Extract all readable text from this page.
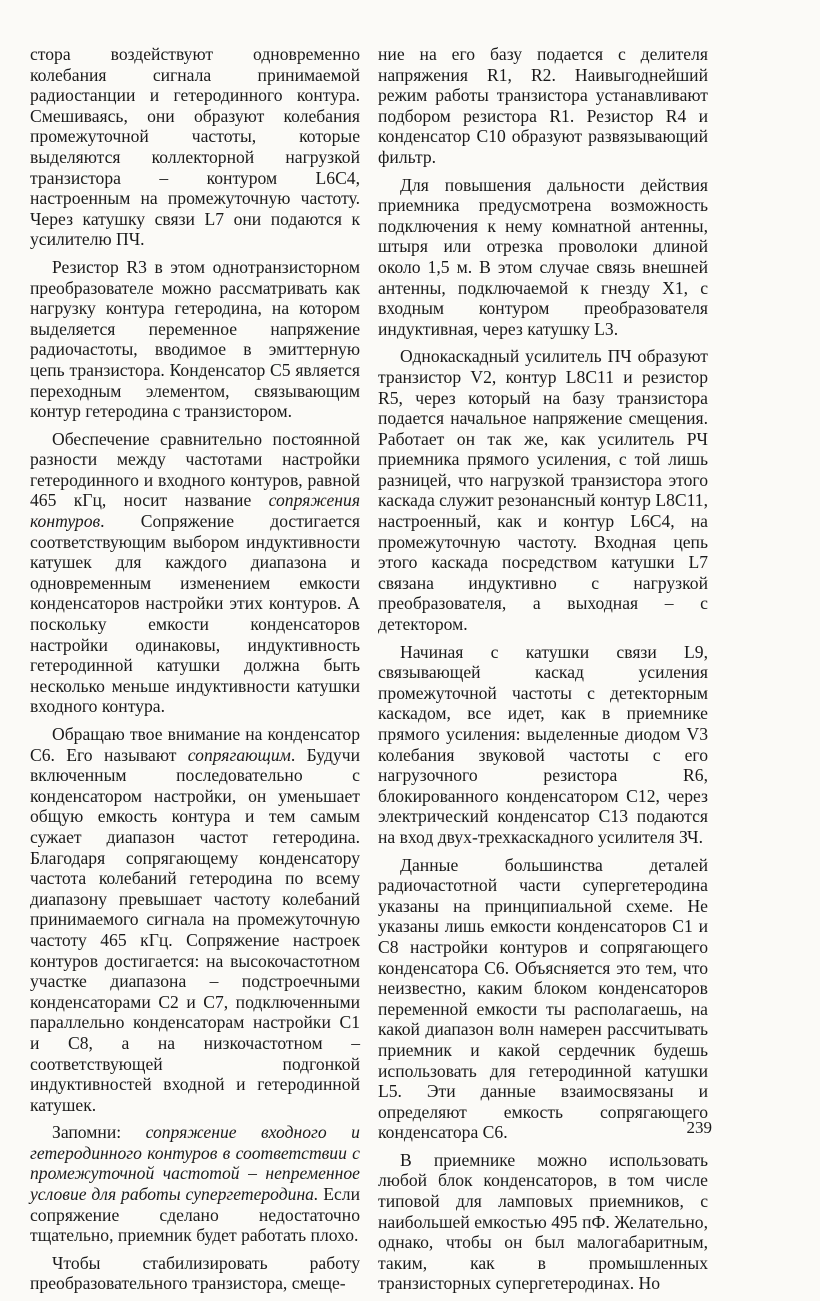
стора воздействуют одновременно колебания сигнала принимаемой радиостанции и гетеродинного контура. Смешиваясь, они образуют колебания промежуточной частоты, которые выделяются коллекторной нагрузкой транзистора – контуром L6C4, настроенным на промежуточную частоту. Через катушку связи L7 они подаются к усилителю ПЧ.

Резистор R3 в этом однотранзисторном преобразователе можно рассматривать как нагрузку контура гетеродина, на котором выделяется переменное напряжение радиочастоты, вводимое в эмиттерную цепь транзистора. Конденсатор C5 является переходным элементом, связывающим контур гетеродина с транзистором.

Обеспечение сравнительно постоянной разности между частотами настройки гетеродинного и входного контуров, равной 465 кГц, носит название сопряжения контуров. Сопряжение достигается соответствующим выбором индуктивности катушек для каждого диапазона и одновременным изменением емкости конденсаторов настройки этих контуров. А поскольку емкости конденсаторов настройки одинаковы, индуктивность гетеродинной катушки должна быть несколько меньше индуктивности катушки входного контура.

Обращаю твое внимание на конденсатор C6. Его называют сопрягающим. Будучи включенным последовательно с конденсатором настройки, он уменьшает общую емкость контура и тем самым сужает диапазон частот гетеродина. Благодаря сопрягающему конденсатору частота колебаний гетеродина по всему диапазону превышает частоту колебаний принимаемого сигнала на промежуточную частоту 465 кГц. Сопряжение настроек контуров достигается: на высокочастотном участке диапазона – подстроечными конденсаторами C2 и C7, подключенными параллельно конденсаторам настройки C1 и C8, а на низкочастотном – соответствующей подгонкой индуктивностей входной и гетеродинной катушек.

Запомни: сопряжение входного и гетеродинного контуров в соответствии с промежуточной частотой – непременное условие для работы супергетеродина. Если сопряжение сделано недостаточно тщательно, приемник будет работать плохо.

Чтобы стабилизировать работу преобразовательного транзистора, смеще-

ние на его базу подается с делителя напряжения R1, R2. Наивыгоднейший режим работы транзистора устанавливают подбором резистора R1. Резистор R4 и конденсатор C10 образуют развязывающий фильтр.

Для повышения дальности действия приемника предусмотрена возможность подключения к нему комнатной антенны, штыря или отрезка проволоки длиной около 1,5 м. В этом случае связь внешней антенны, подключаемой к гнезду X1, с входным контуром преобразователя индуктивная, через катушку L3.

Однокаскадный усилитель ПЧ образуют транзистор V2, контур L8C11 и резистор R5, через который на базу транзистора подается начальное напряжение смещения. Работает он так же, как усилитель РЧ приемника прямого усиления, с той лишь разницей, что нагрузкой транзистора этого каскада служит резонансный контур L8C11, настроенный, как и контур L6C4, на промежуточную частоту. Входная цепь этого каскада посредством катушки L7 связана индуктивно с нагрузкой преобразователя, а выходная – с детектором.

Начиная с катушки связи L9, связывающей каскад усиления промежуточной частоты с детекторным каскадом, все идет, как в приемнике прямого усиления: выделенные диодом V3 колебания звуковой частоты с его нагрузочного резистора R6, блокированного конденсатором C12, через электрический конденсатор C13 подаются на вход двух-трехкаскадного усилителя ЗЧ.

Данные большинства деталей радиочастотной части супергетеродина указаны на принципиальной схеме. Не указаны лишь емкости конденсаторов C1 и C8 настройки контуров и сопрягающего конденсатора C6. Объясняется это тем, что неизвестно, каким блоком конденсаторов переменной емкости ты располагаешь, на какой диапазон волн намерен рассчитывать приемник и какой сердечник будешь использовать для гетеродинной катушки L5. Эти данные взаимосвязаны и определяют емкость сопрягающего конденсатора C6.

В приемнике можно использовать любой блок конденсаторов, в том числе типовой для ламповых приемников, с наибольшей емкостью 495 пФ. Желательно, однако, чтобы он был малогабаритным, таким, как в промышленных транзисторных супергетеродинах. Но

239
